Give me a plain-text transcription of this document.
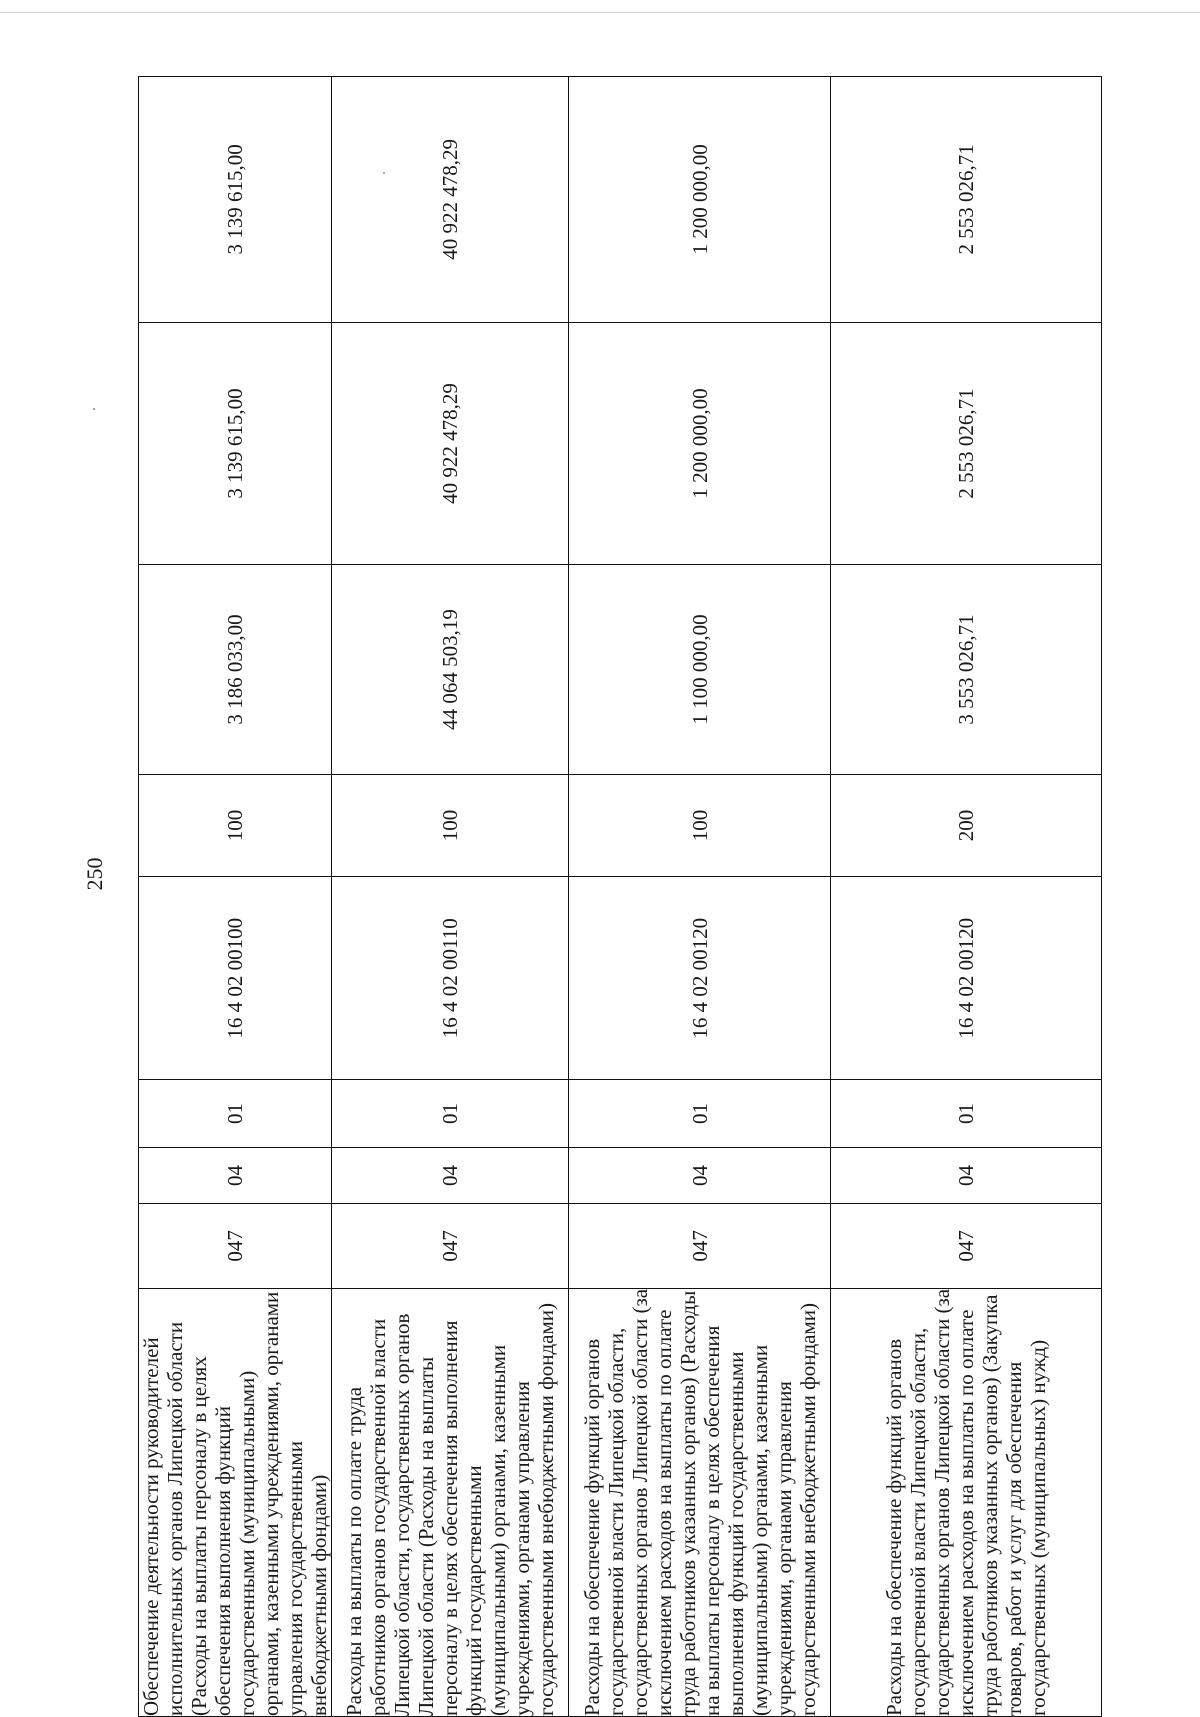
250
Обеспечение деятельности руководителей исполнительных органов Липецкой области (Расходы на выплаты персоналу в целях обеспечения выполнения функций государственными (муниципальными) органами, казенными учреждениями, органами управления государственными внебюджетными фондами)	047	04	01	16 4 02 00100	100	3 186 033,00	3 139 615,00	3 139 615,00

Расходы на выплаты по оплате труда работников органов государственной власти Липецкой области, государственных органов Липецкой области (Расходы на выплаты персоналу в целях обеспечения выполнения функций государственными (муниципальными) органами, казенными учреждениями, органами управления государственными внебюджетными фондами)	047	04	01	16 4 02 00110	100	44 064 503,19	40 922 478,29	40 922 478,29

Расходы на обеспечение функций органов государственной власти Липецкой области, государственных органов Липецкой области (за исключением расходов на выплаты по оплате труда работников указанных органов) (Расходы на выплаты персоналу в целях обеспечения выполнения функций государственными (муниципальными) органами, казенными учреждениями, органами управления государственными внебюджетными фондами)	047	04	01	16 4 02 00120	100	1 100 000,00	1 200 000,00	1 200 000,00

Расходы на обеспечение функций органов государственной власти Липецкой области, государственных органов Липецкой области (за исключением расходов на выплаты по оплате труда работников указанных органов) (Закупка товаров, работ и услуг для обеспечения государственных (муниципальных) нужд)	047	04	01	16 4 02 00120	200	3 553 026,71	2 553 026,71	2 553 026,71
